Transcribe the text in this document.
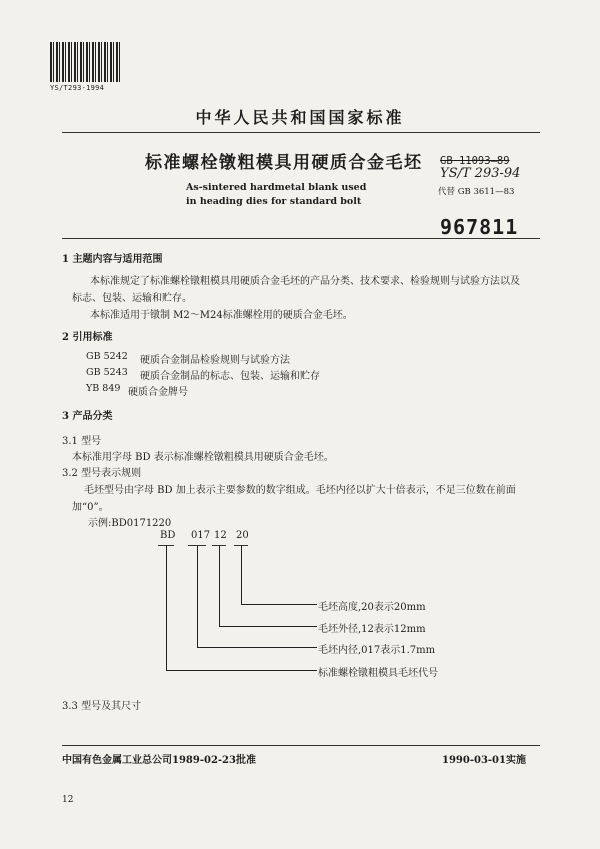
YS/T293-1994
中华人民共和国国家标准
标准螺栓镦粗模具用硬质合金毛坯
As-sintered hardmetal blank used
in heading dies for standard bolt
GB 11093—89
YS/T 293-94
代替 GB 3611—83
967811
1 主题内容与适用范围
本标准规定了标准螺栓镦粗模具用硬质合金毛坯的产品分类、技术要求、检验规则与试验方法以及
标志、包装、运输和贮存。
本标准适用于镦制 M2～M24标准螺栓用的硬质合金毛坯。
2 引用标准
GB 5242 硬质合金制品检验规则与试验方法
GB 5243 硬质合金制品的标志、包装、运输和贮存
YB 849 硬质合金牌号
3 产品分类
3.1 型号
本标准用字母 BD 表示标准螺栓镦粗模具用硬质合金毛坯。
3.2 型号表示规则
毛坯型号由字母 BD 加上表示主要参数的数字组成。毛坯内径以扩大十倍表示，不足三位数在前面
加“0”。
示例:BD0171220
BD 017 12 20
毛坯高度,20表示20mm
毛坯外径,12表示12mm
毛坯内径,017表示1.7mm
标准螺栓镦粗模具毛坯代号
3.3 型号及其尺寸
中国有色金属工业总公司1989-02-23批准	1990-03-01实施
12
